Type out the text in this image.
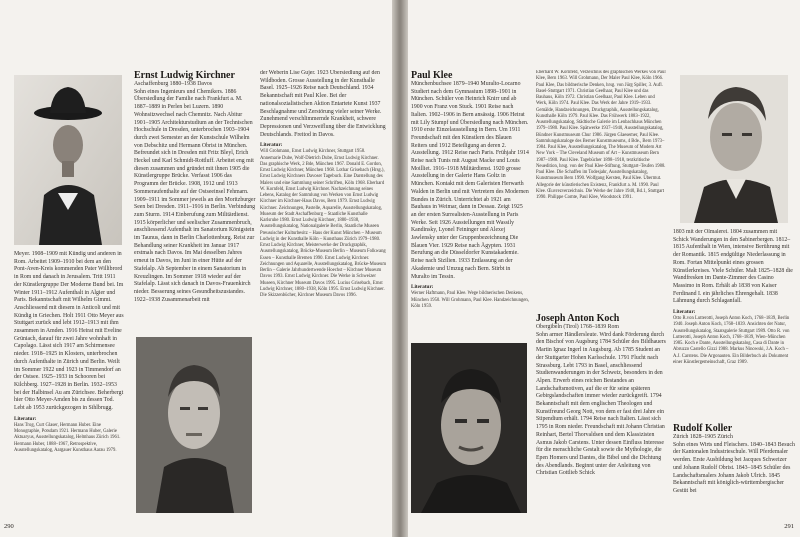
Meyer. 1908–1909 mit Kündig und anderen in Rom. Arbeitet 1909–1910 bei dem an den Pont-Aven-Kreis kommenden Pater Willibrord in Rom und danach in Jerusalem. Tritt 1911 der Künstlergruppe Der Moderne Bund bei. Im Winter 1911–1912 Aufenthalt in Algier und Paris. Bekanntschaft mit Wilhelm Gimmi. Anschliessend mit diesem in Anticoli und mit Kündig in Griechen. Holt 1911 Otto Meyer aus Stuttgart zurück und lebt 1912–1913 mit ihm zusammen in Amden. 1916 Heirat mit Eveline Grüniach, darauf für zwei Jahre wohnhaft in Capolago. Lässt sich 1917 am Schirmensee nieder. 1918–1925 in Klosters, unterbrochen durch Aufenthalte in Zürich und Berlin. Weilt im Sommer 1922 und 1923 in Timmendorf an der Ostsee. 1925–1933 in Schooren bei Kilchberg. 1927–1928 in Berlin. 1932–1953 bei der Halbinsel Au am Zürichsee. Beherbergt hier Otto Meyer-Amden bis zu dessen Tod. Lebt ab 1953 zurückgezogen in Sihlbrugg.

Literatur:

Hans Trog, Curt Glaser, Hermann Huber. Eine Monographie, Potsdam 1921. Hermann Huber, Galerie Aktuaryus, Ausstellungskatalog, Helmhaus Zürich 1961. Hermann Huber, 1888–1967, Retrospektive, Ausstellungskatalog, Aargauer Kunsthaus Aarau 1979.

Ernst Ludwig Kirchner

Aschaffenburg 1880–1938 Davos

Sohn eines Ingenieurs und Chemikers. 1886 Übersiedlung der Familie nach Frankfurt a. M. 1887–1889 in Perlen bei Luzern. 1890 Wohnsitzwechsel nach Chemnitz. Nach Abitur 1901–1905 Architekturstudium an der Technischen Hochschule in Dresden, unterbrochen 1903–1904 durch zwei Semester an der Kunstschule Wilhelm von Debschitz und Hermann Obrist in München. Befreundet sich in Dresden mit Fritz Bleyl, Erich Heckel und Karl Schmidt-Rottluff. Arbeitet eng mit diesen zusammen und gründet mit ihnen 1905 die Künstlergruppe Brücke. Verfasst 1906 das Programm der Brücke. 1908, 1912 und 1913 Sommeraufenthalte auf der Ostseeinsel Fehmarn. 1909–1911 im Sommer jeweils an den Moritzburger Seen bei Dresden. 1911–1916 in Berlin. Verbindung zum Sturm. 1914 Einberufung zum Militärdienst. 1915 körperlicher und seelischer Zusammenbruch, anschliessend Aufenthalt im Sanatorium Königstein im Taunus, dann in Berlin Charlottenburg. Reist zur Behandlung seiner Krankheit im Januar 1917 erstmals nach Davos. Im Mai desselben Jahres erneut in Davos, im Juni in einer Hütte auf der Stafelalp. Ab September in einem Sanatorium in Kreuzlingen. Im Sommer 1918 wieder auf der Stafelalp. Lässt sich danach in Davos-Frauenkirch nieder. Besserung seines Gesundheitszustandes. 1922–1938 Zusammenarbeit mit

der Weberin Lise Gujer. 1923 Übersiedlung auf den Wildboden. Grosse Ausstellung in der Kunsthalle Basel. 1925–1926 Reise nach Deutschland. 1934 Bekanntschaft mit Paul Klee. Bei der nationalsozialistischen Aktion Entartete Kunst 1937 Beschlagnahme und Zerstörung vieler seiner Werke. Zunehmend verschlimmernde Krankheit, schwere Depressionen und Verzweiflung über die Entwicklung Deutschlands. Freitod in Davos.

Literatur:

Will Grohmann, Ernst Ludwig Kirchner, Stuttgart 1958. Annemarie Dube, Wolf-Dietrich Dube, Ernst Ludwig Kirchner. Das graphische Werk, 2 Bde, München 1967. Donald E. Gordon, Ernst Ludwig Kirchner, München 1968. Lothar Grisebach (Hrsg.), Ernst Ludwig Kirchners Davoser Tagebuch. Eine Darstellung des Malers und eine Sammlung seiner Schriften, Köln 1968. Eberhard W. Kornfeld, Ernst Ludwig Kirchner. Nachzeichnung seines Lebens, Katalog der Sammlung von Werken von Ernst Ludwig Kirchner im Kirchner-Haus Davos, Bern 1979. Ernst Ludwig Kirchner. Zeichnungen, Pastelle, Aquarelle, Ausstellungskatalog, Museum der Stadt Aschaffenburg – Staatliche Kunsthalle Karlsruhe 1980. Ernst Ludwig Kirchner, 1880–1938, Ausstellungskatalog, Nationalgalerie Berlin, Staatliche Museen Preussischer Kulturbesitz – Haus der Kunst München – Museum Ludwig in der Kunsthalle Köln – Kunsthaus Zürich 1979–1980. Ernst Ludwig Kirchner, Meisterwerke der Druckgraphik, Ausstellungskatalog, Brücke-Museum Berlin – Museum Folkwang Essen – Kunsthalle Bremen 1990. Ernst Ludwig Kirchner. Zeichnungen und Aquarelle, Ausstellungskatalog, Brücke-Museum Berlin – Galerie Jahrhundertwende Hoechst – Kirchner Museum Davos 1993. Ernst Ludwig Kirchner. Die Werke in Schweizer Museen, Kirchner Museum Davos 1995. Lucius Grisebach, Ernst Ludwig Kirchner, 1880–1938, Köln 1995. Ernst Ludwig Kirchner. Die Skizzenbücher, Kirchner Museum Davos 1996.

290
Paul Klee

Münchenbuchsee 1879–1940 Muralto-Locarno

Studiert nach dem Gymnasium 1898–1901 in München. Schüler von Heinrich Knirr und ab 1900 von Franz von Stuck. 1901 Reise nach Italien. 1902–1906 in Bern ansässig. 1906 Heirat mit Lily Stumpf und Übersiedlung nach München. 1910 erste Einzelausstellung in Bern. Um 1911 Freundschaft mit den Künstlern des Blauen Reiters und 1912 Beteiligung an deren 2. Ausstellung. 1912 Reise nach Paris. Frühjahr 1914 Reise nach Tunis mit August Macke und Louis Moilliet. 1916–1918 Militärdienst. 1920 grosse Ausstellung in der Galerie Hans Goltz in München. Kontakt mit dem Galeristen Herwarth Walden in Berlin und mit Vertretern des Modernen Bundes in Zürich. Unterrichtet ab 1921 am Bauhaus in Weimar, dann in Dessau. Zeigt 1925 an der ersten Surrealisten-Ausstellung in Paris Werke. Seit 1926 Ausstellungen mit Wassily Kandinsky, Lyonel Feininger und Alexej Jawlensky unter der Gruppenbezeichnung Die Blauen Vier. 1929 Reise nach Ägypten. 1931 Berufung an die Düsseldorfer Kunstakademie. Reise nach Sizilien. 1933 Entlassung an der Akademie und Umzug nach Bern. Stirbt in Muralto im Tessin.

Literatur:

Werner Haftmann, Paul Klee. Wege bildnerischen Denkens, München 1950. Will Grohmann, Paul Klee. Handzeichnungen, Köln 1959.

Eberhard W. Kornfeld, Verzeichnis des graphischen Werkes von Paul Klee, Bern 1963. Will Grohmann, Der Maler Paul Klee, Köln 1966. Paul Klee, Das bildnerische Denken, hrsg. von Jürg Spiller, 3. Aufl. Basel-Stuttgart 1971. Christian Geelhaar, Paul Klee und das Bauhaus, Köln 1972. Christian Geelhaar, Paul Klee. Leben und Werk, Köln 1974. Paul Klee. Das Werk der Jahre 1919–1933. Gemälde, Handzeichnungen, Druckgraphik, Ausstellungskatalog, Kunsthalle Köln 1979. Paul Klee. Das Frühwerk 1883–1922, Ausstellungskatalog, Städtische Galerie im Lenbachhaus München 1979–1980. Paul Klee. Spätwerke 1937–1940, Ausstellungskatalog, Bündner Kunstmuseum Chur 1986. Jürgen Glaesemer, Paul Klee. Sammlungskataloge des Berner Kunstmuseums, 4 Bde., Bern 1973–1984. Paul Klee, Ausstellungskatalog, The Museum of Modern Art New York – The Cleveland Museum of Art – Kunstmuseum Bern 1987–1988. Paul Klee. Tagebücher 1898–1918, textkritische Neuedition, hrsg. von der Paul Klee-Stiftung, Stuttgart–Teufen 1988. Paul Klee. Die Schaffen im Todesjahr, Ausstellungskatalog, Kunstmuseum Bern 1990. Wolfgang Kersten, Paul Klee. Übermut. Allegorie der künstlerischen Existenz, Frankfurt a. M. 1990. Paul Klee. Œuvrezverzeichnis. Die Werke der Jahre 1940, Bd.1, Stuttgart 1990. Philippe Comte, Paul Klee, Woodstock 1991.

Joseph Anton Koch

Obergibeln (Tirol) 1768–1839 Rom

Sohn armer Händlersleute. Wird dank Förderung durch den Bischof von Augsburg 1784 Schüler des Bildhauers Martin Ignaz Ingerl in Augsburg. Ab 1785 Student an der Stuttgarter Hohen Karlsschule. 1791 Flucht nach Strassburg. Lebt 1793 in Basel, anschliessend Studienwanderungen in der Schweiz, besonders in den Alpen. Erwerb eines reichen Bestandes an Landschaftsmotiven, auf die er für seine späteren Gebirgslandschaften immer wieder zurückgreift. 1794 Bekanntschaft mit dem englischen Theologen und Kunstfreund Georg Nott, von dem er fast drei Jahre ein Stipendium erhält. 1794 Reise nach Italien. Lässt sich 1795 in Rom nieder. Freundschaft mit Johann Christian Reinhart, Bertel Thorvaldsen und dem Klassizisten Asmus Jakob Carstens. Unter dessen Einfluss Interesse für die menschliche Gestalt sowie die Mythologie, die Epen Homers und Dantes, die Bibel und die Dichtung des Abendlands. Beginnt unter der Anleitung von Christian Gottlieb Schick

1803 mit der Ölmalerei. 1804 zusammen mit Schick Wanderungen in den Sabinerbergen. 1812–1815 Aufenthalt in Wien, intensive Berührung mit der Romantik. 1815 endgültige Niederlassung in Rom. Fortan Mittelpunkt eines grossen Künstlerkreises. Viele Schüler. Malt 1825–1828 die Wandfresken im Dante-Zimmer des Casino Massimo in Rom. Erhält ab 1838 von Kaiser Ferdinand I. ein jährliches Ehrengehalt. 1838 Lähmung durch Schlaganfall.

Literatur:

Otto R.von Lutterotti, Joseph Anton Koch, 1768–1839, Berlin 1940. Joseph Anton Koch, 1768–1839. Ansichten der Natur, Ausstellungskatalog, Staatsgalerie Stuttgart 1989. Otto R. von Lutterotti, Joseph Anton Koch, 1768–1839, Wien–München 1985. Koch e Dante, Ausstellungskatalog, Casa di Dante in Abruzzo Castello Gizzi 1988. Markus Ninowski, J.A. Koch – A.J. Carstens. Die Argonauten. Ein Bilderbuch als Dokument einer Künstlergemeinschaft, Graz 1989.

Rudolf Koller

Zürich 1828–1905 Zürich

Sohn eines Wirts und Fleischers. 1840–1843 Besuch der Kantonalen Industrieschule. Will Pferdemaler werden. Erste Ausbildung bei Jacques Schweizer und Johann Rudolf Obrist. 1843–1845 Schüler des Landschaftsmalers Johann Jakob Ulrich. 1845 Bekanntschaft mit königlich-württembergischer Gestüt bei

291
